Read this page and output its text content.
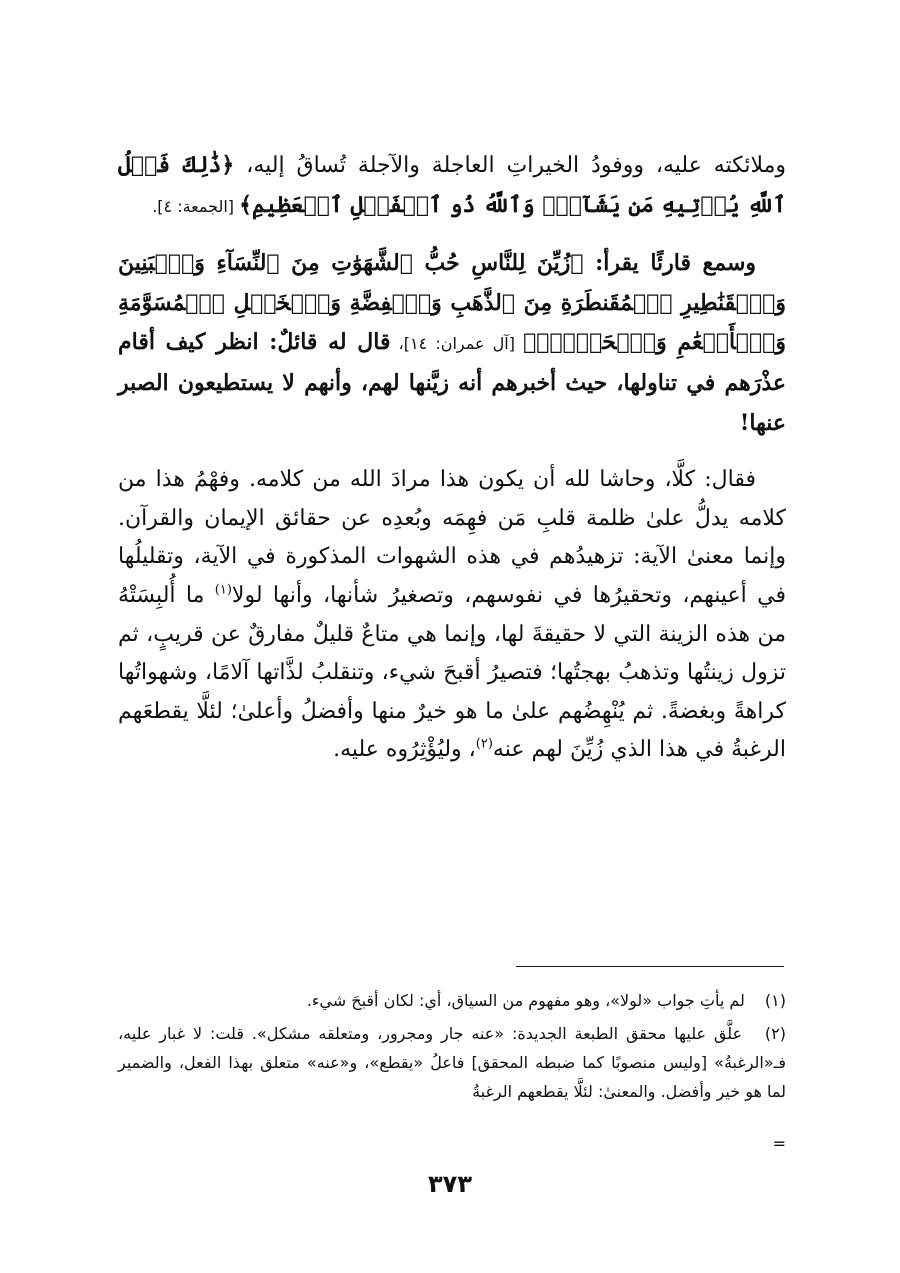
وملائكته عليه، ووفودُ الخيراتِ العاجلة والآجلة تُساقُ إليه، ﴿ذَٰلِكَ فَضۡلُ ٱللَّهِ يُؤۡتِيهِ مَن يَشَآءُۚ وَٱللَّهُ ذُو ٱلۡفَضۡلِ ٱلۡعَظِيمِ﴾ [الجمعة: ٤].

وسمع قارئًا يقرأ: ﴿زُيِّنَ لِلنَّاسِ حُبُّ ٱلشَّهَوَٰتِ مِنَ ٱلنِّسَآءِ وَٱلۡبَنِينَ وَٱلۡقَنَٰطِيرِ ٱلۡمُقَنطَرَةِ مِنَ ٱلذَّهَبِ وَٱلۡفِضَّةِ وَٱلۡخَيۡلِ ٱلۡمُسَوَّمَةِ وَٱلۡأَنۡعَٰمِ وَٱلۡحَرۡثِۗ﴾ [آل عمران: ١٤]، قال له قائلٌ: انظر كيف أقام عذْرَهم في تناولها، حيث أخبرهم أنه زيَّنها لهم، وأنهم لا يستطيعون الصبر عنها!

فقال: كلَّا، وحاشا لله أن يكون هذا مرادَ الله من كلامه. وفهْمُ هذا من كلامه يدلُّ علىٰ ظلمة قلبِ مَن فهِمَه وبُعدِه عن حقائق الإيمان والقرآن. وإنما معنىٰ الآية: تزهيدُهم في هذه الشهوات المذكورة في الآية، وتقليلُها في أعينهم، وتحقيرُها في نفوسهم، وتصغيرُ شأنها، وأنها لولا$^{(١)}$ ما أُلبِسَتْهُ من هذه الزينة التي لا حقيقةَ لها، وإنما هي متاعٌ قليلٌ مفارقٌ عن قريبٍ، ثم تزول زينتُها وتذهبُ بهجتُها؛ فتصيرُ أقبحَ شيء، وتنقلبُ لذَّاتها آلامًا، وشهواتُها كراهةً وبغضةً. ثم يُنْهِضُهم علىٰ ما هو خيرٌ منها وأفضلُ وأعلىٰ؛ لئلَّا يقطعَهم الرغبةُ في هذا الذي زُيِّنَ لهم عنه$^{(٢)}$، وليُؤْثِرُوه عليه.

(١) لم يأتِ جواب «لولا»، وهو مفهوم من السياق، أي: لكان أقبحَ شيء.

(٢) علَّق عليها محقق الطبعة الجديدة: «عنه جار ومجرور، ومتعلقه مشكل». قلت: لا غبار عليه، فـ«الرغبةُ» [وليس منصوبًا كما ضبطه المحقق] فاعلُ «يقطع»، و«عنه» متعلق بهذا الفعل، والضمير لما هو خير وأفضل. والمعنىٰ: لئلَّا يقطعهم الرغبةُ

=
٣٧٣
